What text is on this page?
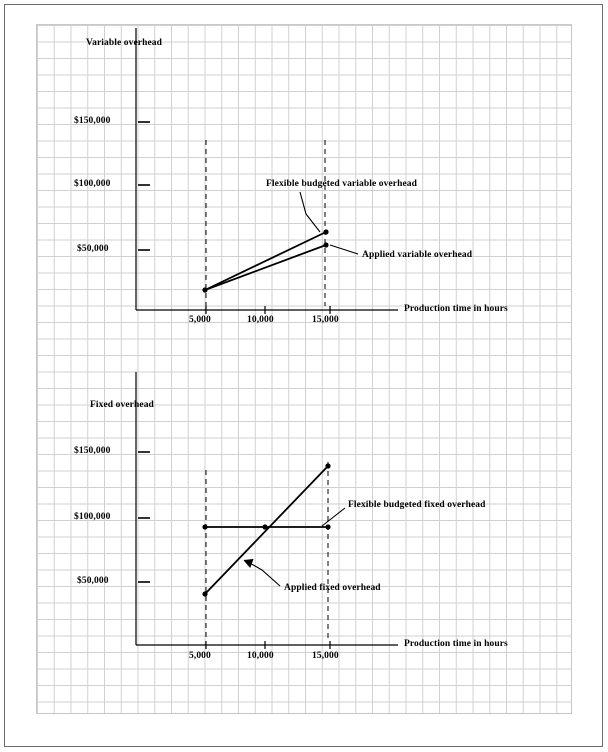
Variable overhead
$150,000
$100,000
$50,000
5,000	10,000	15,000
Production time in hours
Flexible budgeted variable overhead
Applied variable overhead
Fixed overhead
$150,000
$100,000
$50,000
5,000	10,000	15,000
Production time in hours
Flexible budgeted fixed overhead
Applied fixed overhead
